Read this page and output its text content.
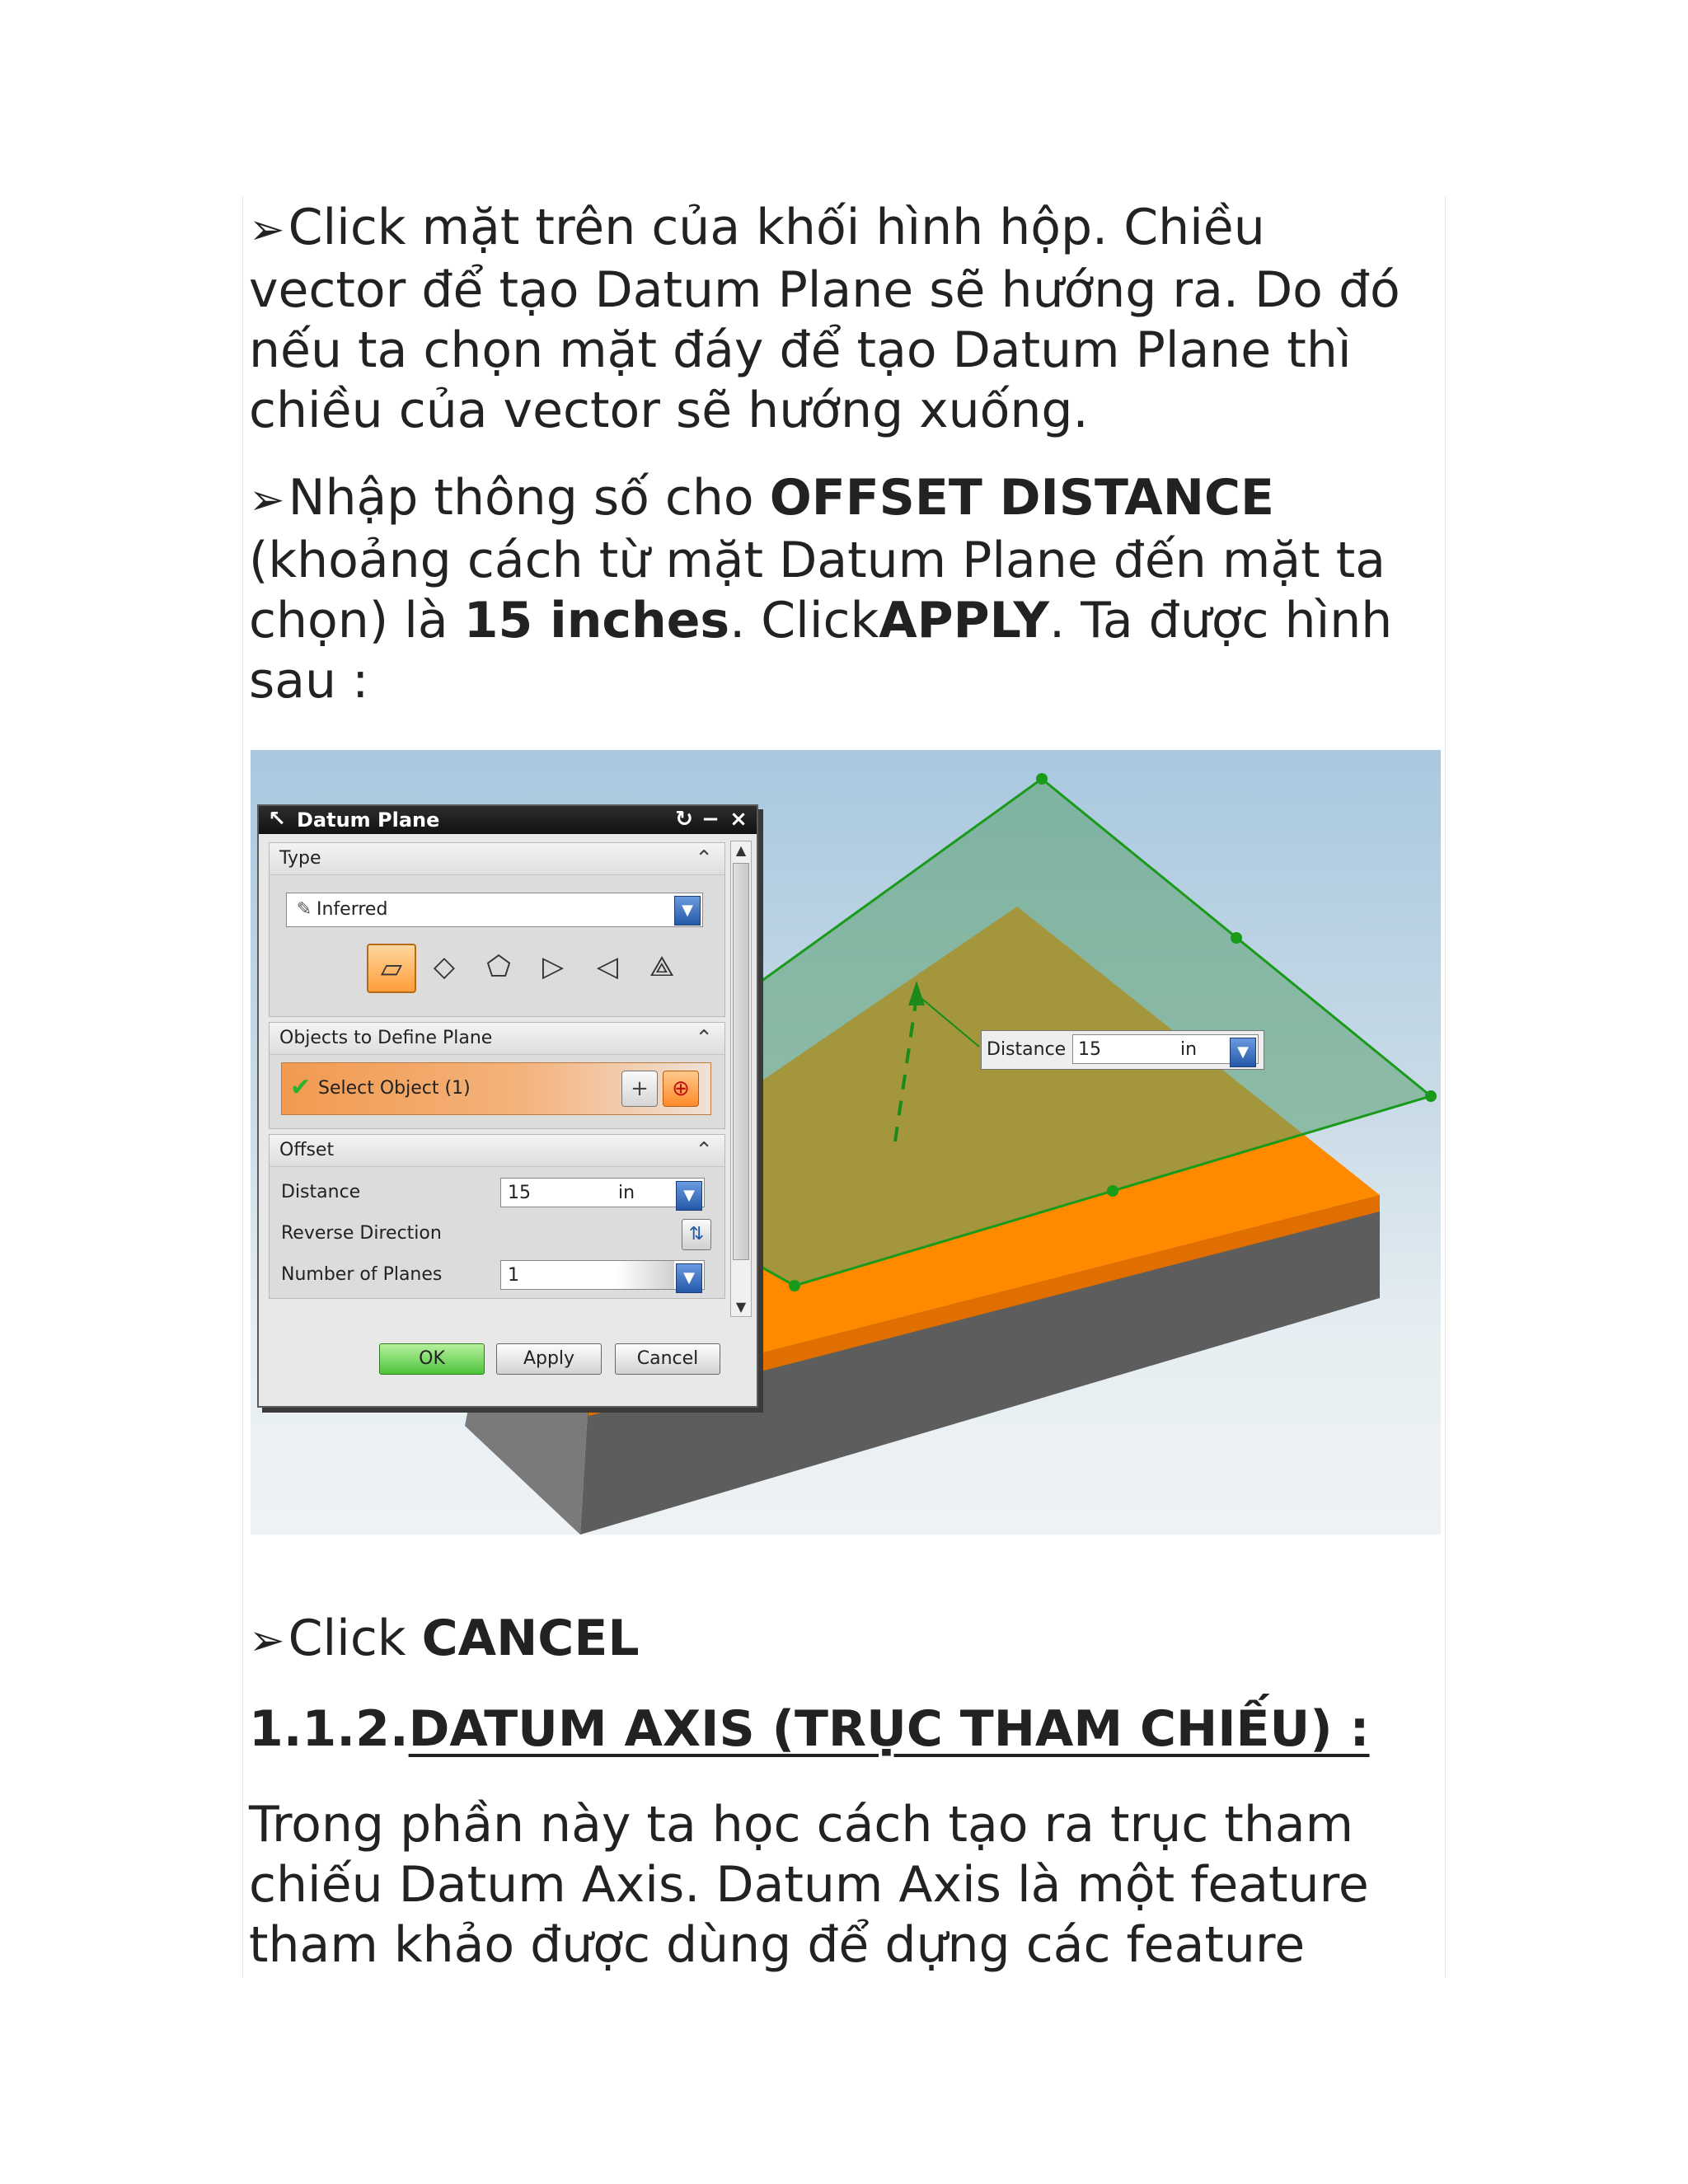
➢Click mặt trên của khối hình hộp. Chiều vector để tạo Datum Plane sẽ hướng ra. Do đó nếu ta chọn mặt đáy để tạo Datum Plane thì chiều của vector sẽ hướng xuống.

➢Nhập thông số cho OFFSET DISTANCE (khoảng cách từ mặt Datum Plane đến mặt ta chọn) là 15 inches. ClickAPPLY. Ta được hình sau :

↖ Datum Plane	↻ − ×
▲
▼
Type	⌃
✎ Inferred	▼
▱	◇	⬠	▷	◁	⟁
Objects to Define Plane	⌃
✔ Select Object (1)	+	⊕
Offset	⌃
Distance	15	in	▼
Reverse Direction	⇅
Number of Planes	1	▼
OK	Apply	Cancel
Distance 15	in	▼

➢Click CANCEL

1.1.2.DATUM AXIS (TRỤC THAM CHIẾU) :

Trong phần này ta học cách tạo ra trục tham chiếu Datum Axis. Datum Axis là một feature tham khảo được dùng để dựng các feature
